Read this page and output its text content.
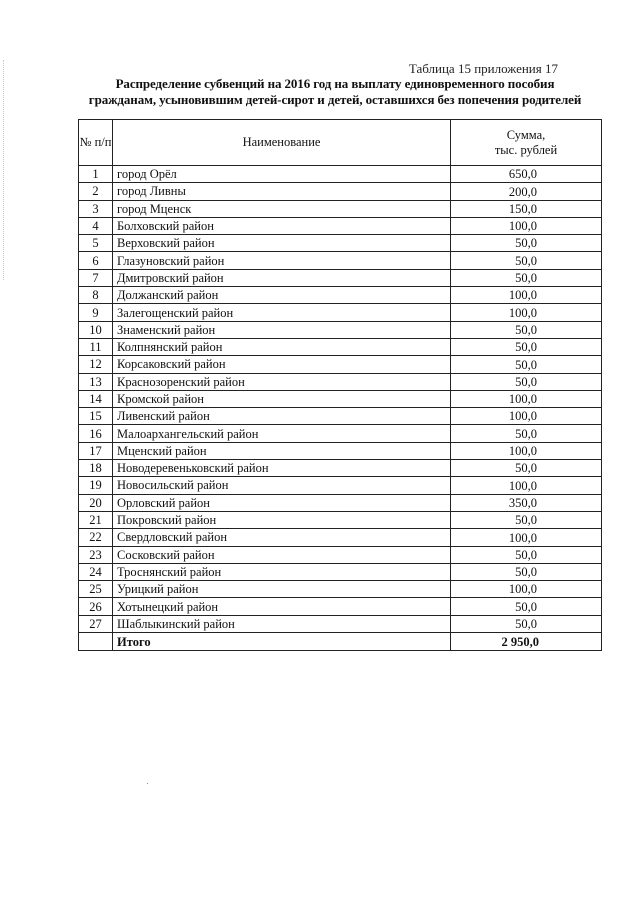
Таблица 15 приложения 17
Распределение субвенций на 2016 год на выплату единовременного пособия
гражданам, усыновившим детей-сирот и детей, оставшихся без попечения родителей
№ п/п	Наименование	Сумма,
тыс. рублей

1	город Орёл	650,0
2	город Ливны	200,0
3	город Мценск	150,0
4	Болховский район	100,0
5	Верховский район	50,0
6	Глазуновский район	50,0
7	Дмитровский район	50,0
8	Должанский район	100,0
9	Залегощенский район	100,0
10	Знаменский район	50,0
11	Колпнянский район	50,0
12	Корсаковский район	50,0
13	Краснозоренский район	50,0
14	Кромской район	100,0
15	Ливенский район	100,0
16	Малоархангельский район	50,0
17	Мценский район	100,0
18	Новодеревеньковский район	50,0
19	Новосильский район	100,0
20	Орловский район	350,0
21	Покровский район	50,0
22	Свердловский район	100,0
23	Сосковский район	50,0
24	Троснянский район	50,0
25	Урицкий район	100,0
26	Хотынецкий район	50,0
27	Шаблыкинский район	50,0
	Итого	2 950,0
